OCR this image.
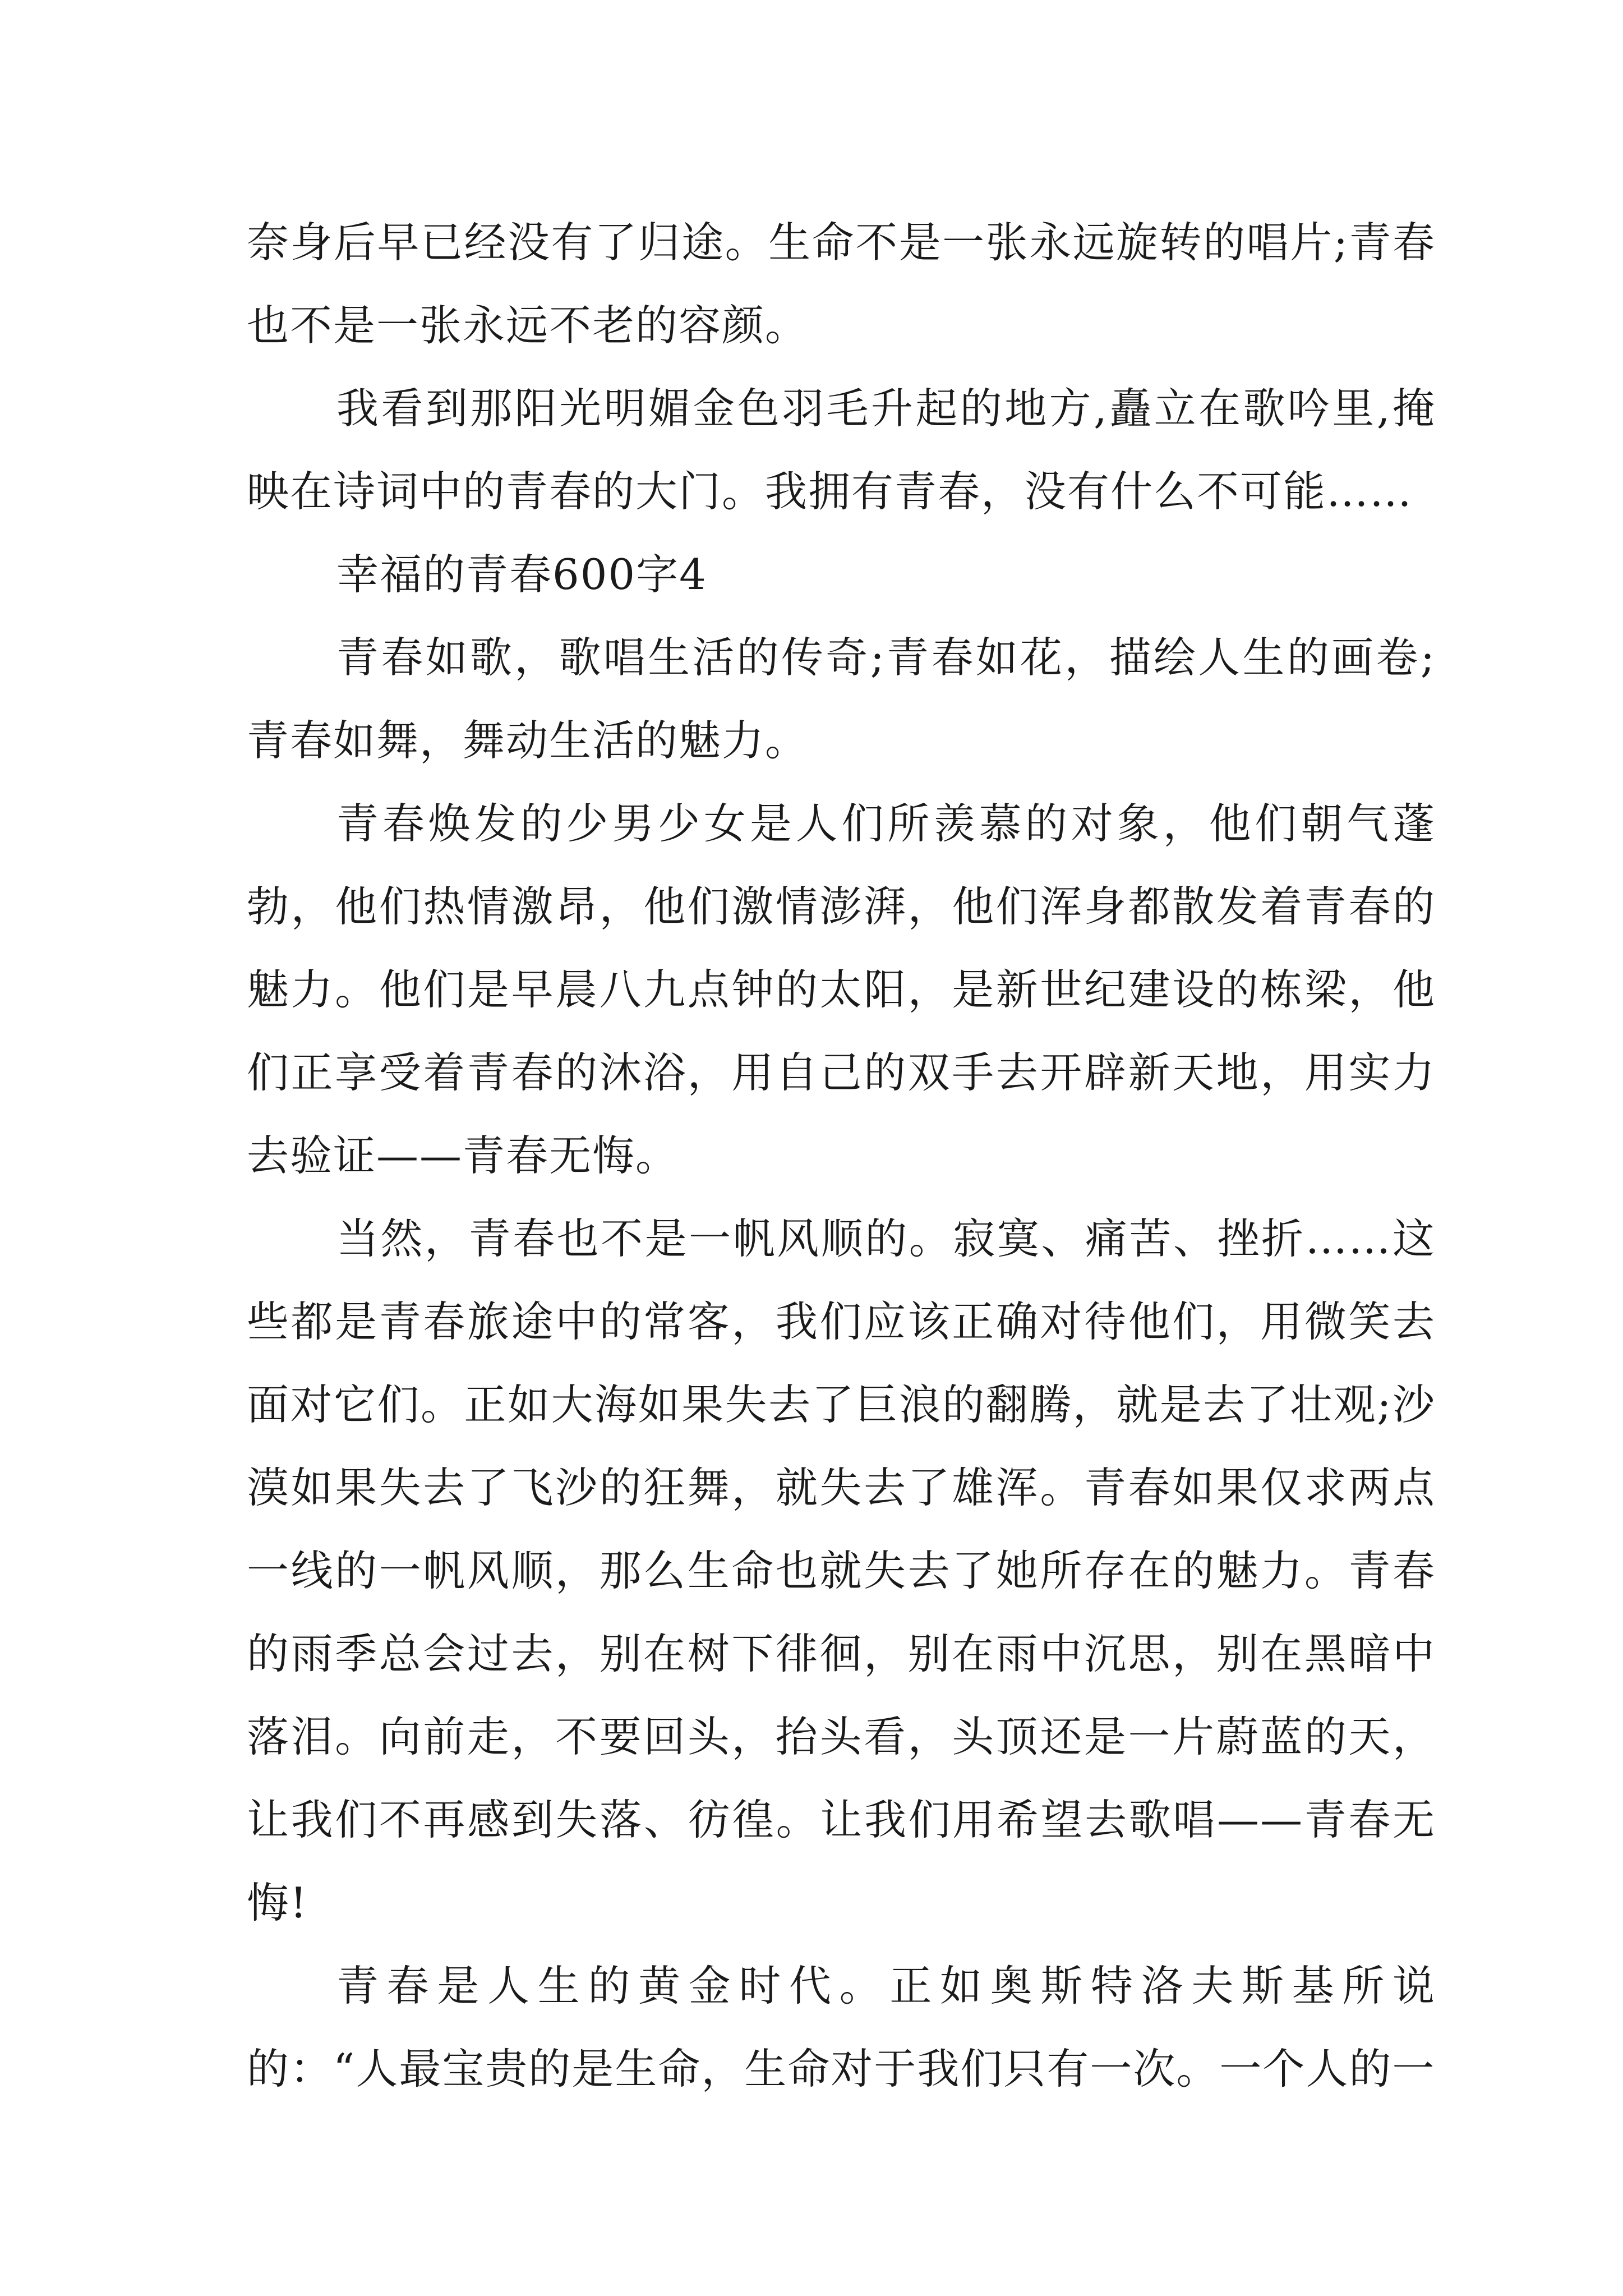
奈身后早已经没有了归途。生命不是一张永远旋转的唱片;青春也不是一张永远不老的容颜。

我看到那阳光明媚金色羽毛升起的地方,矗立在歌吟里,掩映在诗词中的青春的大门。我拥有青春，没有什么不可能……

幸福的青春600字4

青春如歌，歌唱生活的传奇;青春如花，描绘人生的画卷;青春如舞，舞动生活的魅力。

青春焕发的少男少女是人们所羡慕的对象，他们朝气蓬勃，他们热情激昂，他们激情澎湃，他们浑身都散发着青春的魅力。他们是早晨八九点钟的太阳，是新世纪建设的栋梁，他们正享受着青春的沐浴，用自己的双手去开辟新天地，用实力去验证——青春无悔。

当然，青春也不是一帆风顺的。寂寞、痛苦、挫折……这些都是青春旅途中的常客，我们应该正确对待他们，用微笑去面对它们。正如大海如果失去了巨浪的翻腾，就是去了壮观;沙漠如果失去了飞沙的狂舞，就失去了雄浑。青春如果仅求两点一线的一帆风顺，那么生命也就失去了她所存在的魅力。青春的雨季总会过去，别在树下徘徊，别在雨中沉思，别在黑暗中落泪。向前走，不要回头，抬头看，头顶还是一片蔚蓝的天，让我们不再感到失落、彷徨。让我们用希望去歌唱——青春无悔!

青春是人生的黄金时代。正如奥斯特洛夫斯基所说的：“人最宝贵的是生命，生命对于我们只有一次。一个人的一
